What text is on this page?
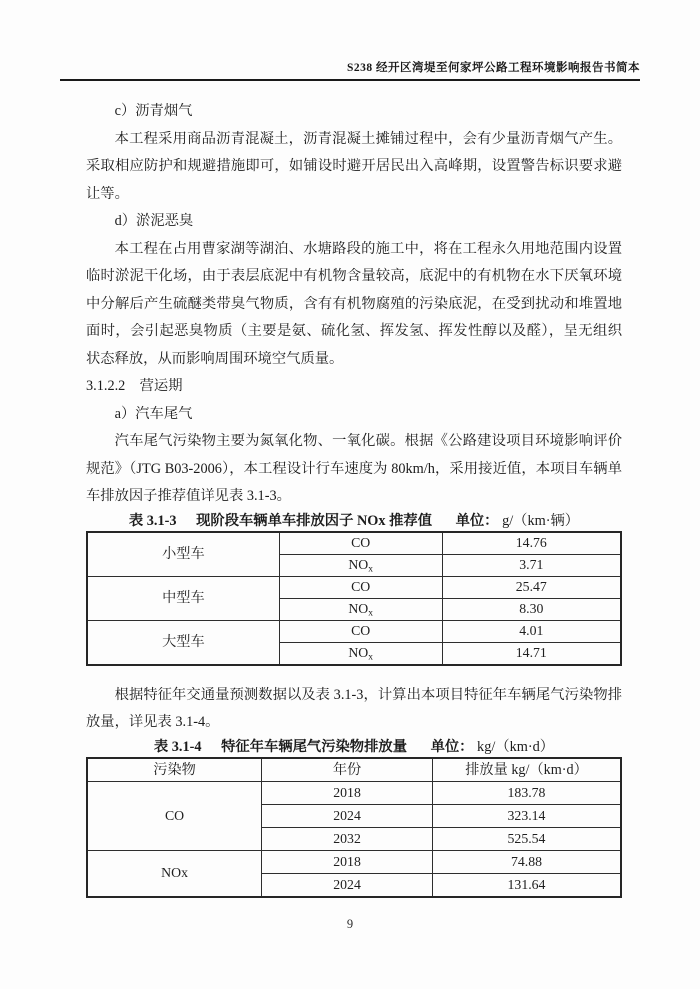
S238 经开区湾堤至何家坪公路工程环境影响报告书简本

c）沥青烟气

本工程采用商品沥青混凝土，沥青混凝土摊铺过程中，会有少量沥青烟气产生。采取相应防护和规避措施即可，如铺设时避开居民出入高峰期，设置警告标识要求避让等。

d）淤泥恶臭

本工程在占用曹家湖等湖泊、水塘路段的施工中，将在工程永久用地范围内设置临时淤泥干化场，由于表层底泥中有机物含量较高，底泥中的有机物在水下厌氧环境中分解后产生硫醚类带臭气物质，含有有机物腐殖的污染底泥，在受到扰动和堆置地面时，会引起恶臭物质（主要是氨、硫化氢、挥发氢、挥发性醇以及醛），呈无组织状态释放，从而影响周围环境空气质量。

3.1.2.2　营运期

a）汽车尾气

汽车尾气污染物主要为氮氧化物、一氧化碳。根据《公路建设项目环境影响评价规范》（JTG B03-2006），本工程设计行车速度为 80km/h，采用接近值，本项目车辆单车排放因子推荐值详见表 3.1-3。

表 3.1-3 现阶段车辆单车排放因子 NOx 推荐值 单位： g/（km·辆）

小型车	CO	14.76
	$NO_x$	3.71
中型车	CO	25.47
	$NO_x$	8.30
大型车	CO	4.01
	$NO_x$	14.71

根据特征年交通量预测数据以及表 3.1-3，计算出本项目特征年车辆尾气污染物排放量，详见表 3.1-4。

表 3.1-4 特征年车辆尾气污染物排放量 单位： kg/（km·d）

污染物	年份	排放量 kg/（km·d）
CO	2018	183.78
	2024	323.14
	2032	525.54
NOx	2018	74.88
	2024	131.64
9
